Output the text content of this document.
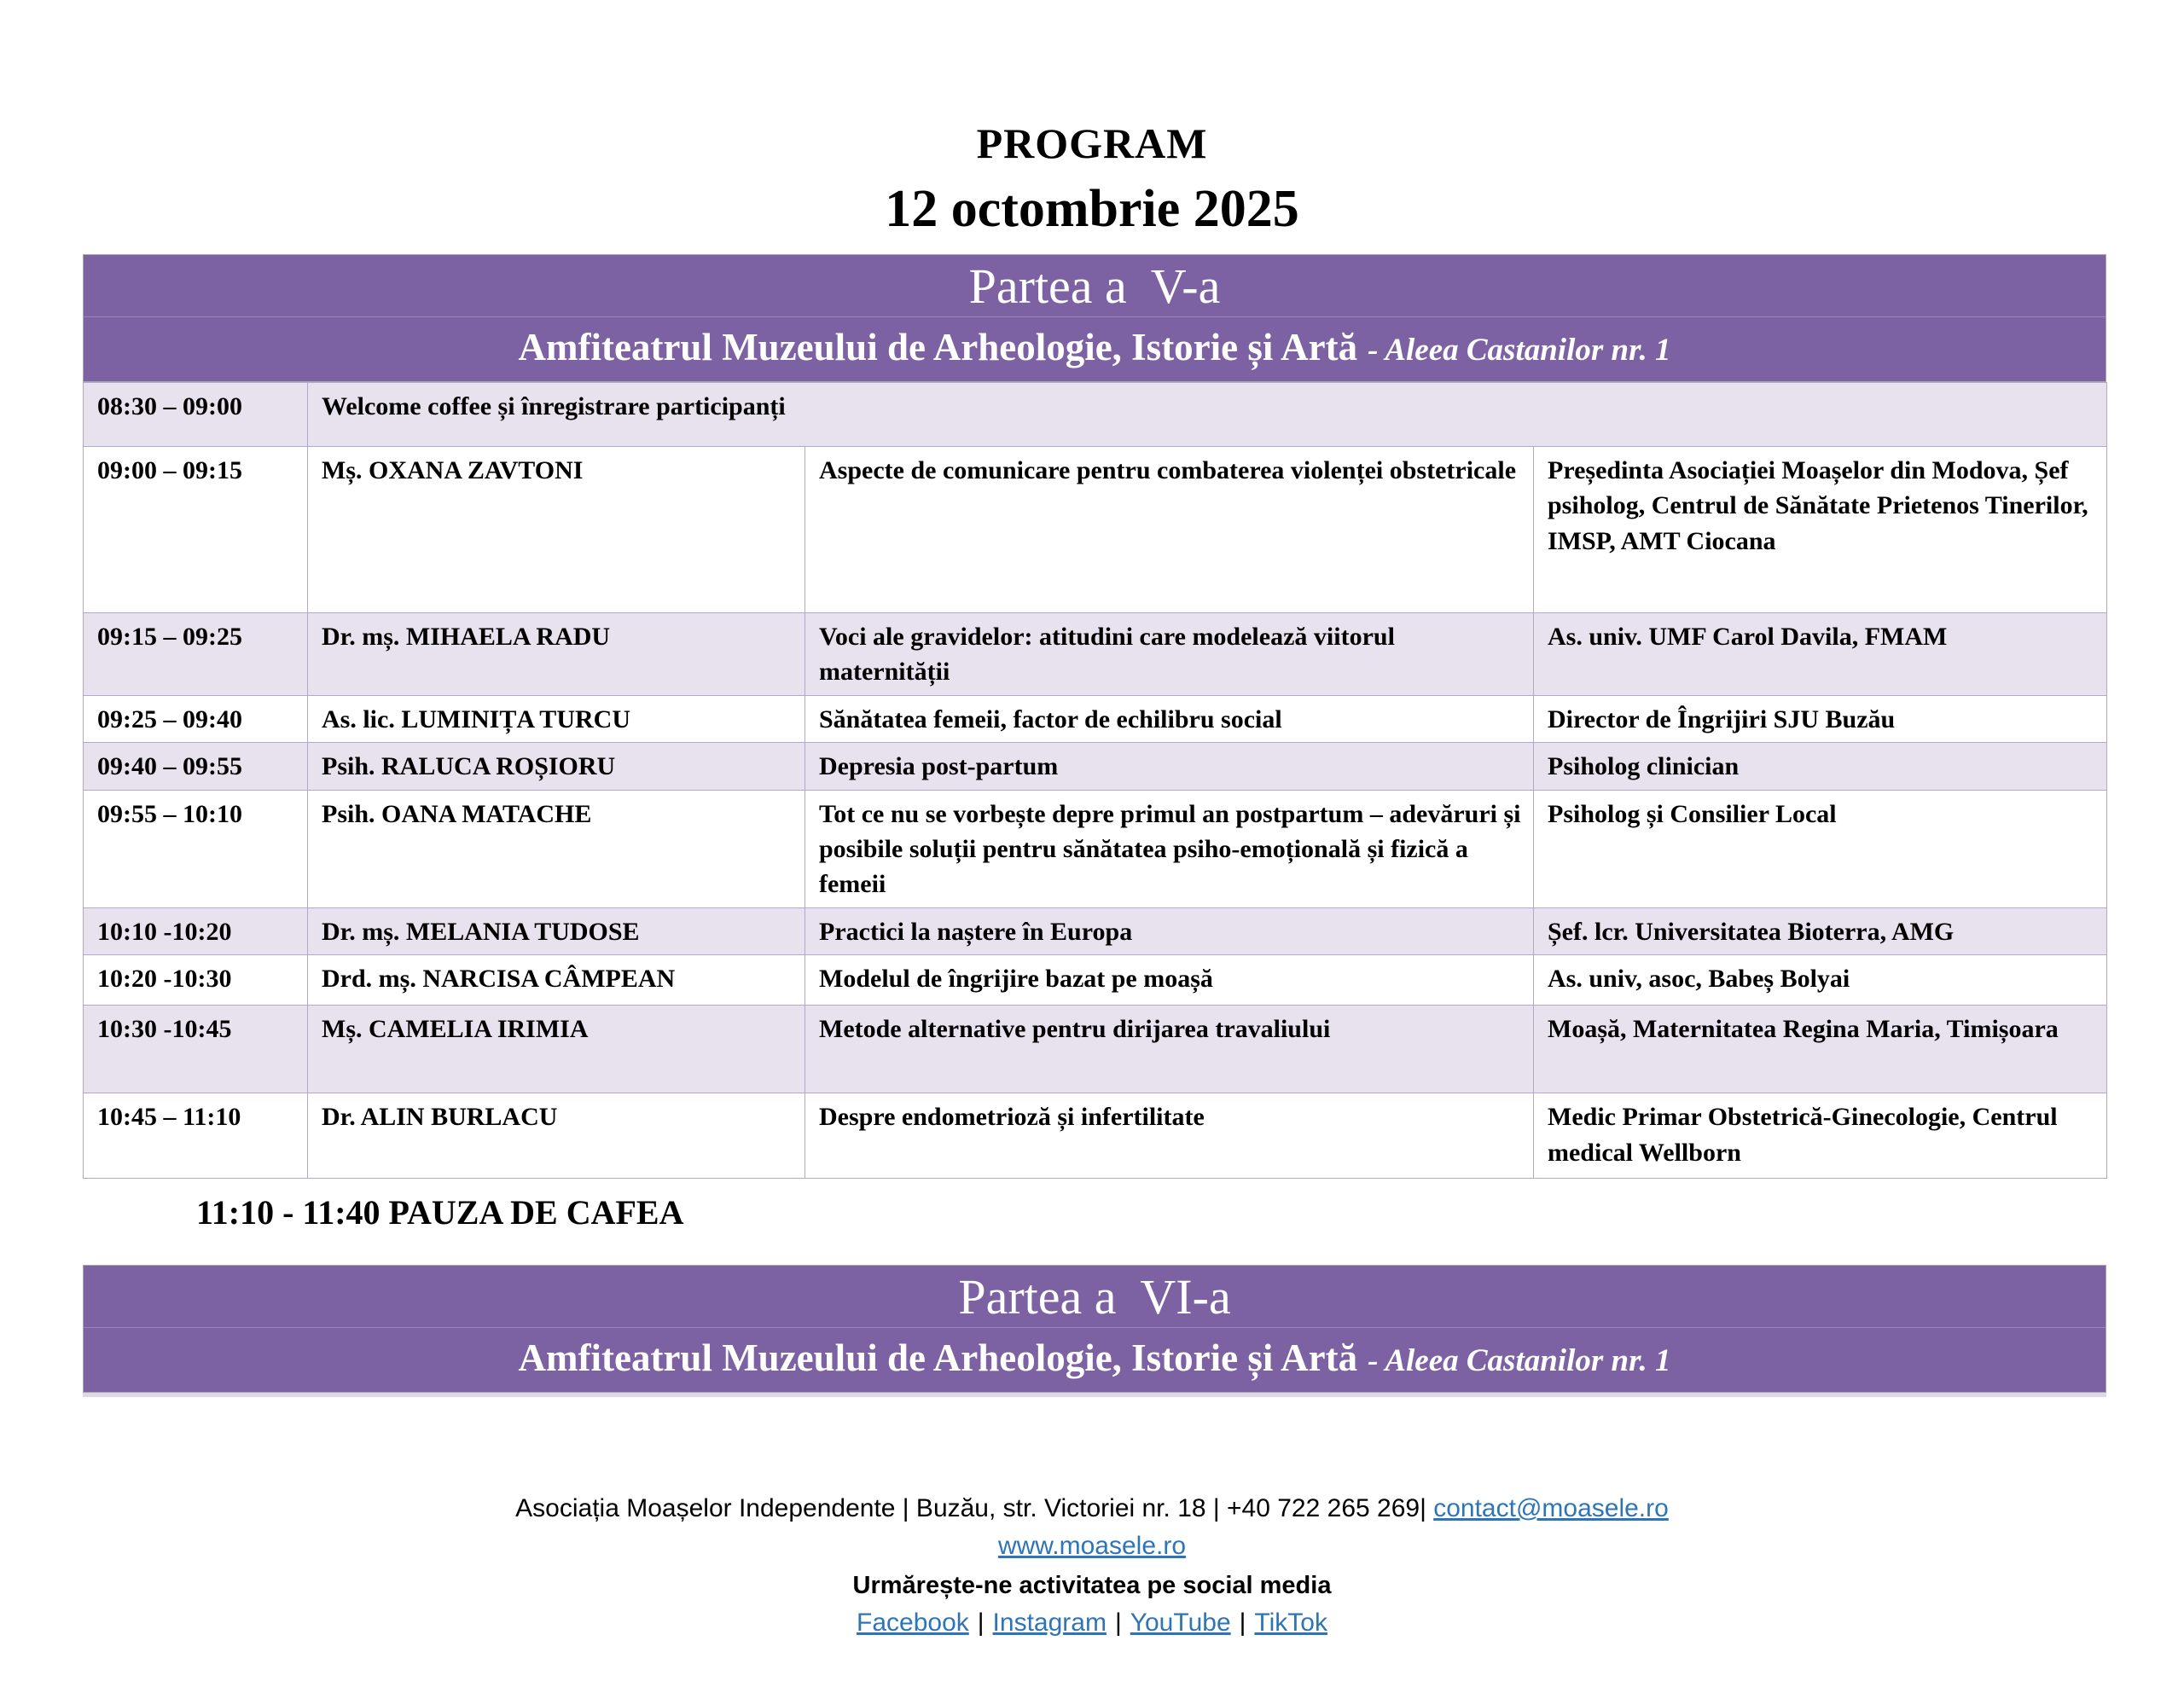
PROGRAM
12 octombrie 2025
Partea a  V-a
Amfiteatrul Muzeului de Arheologie, Istorie și Artă - Aleea Castanilor nr. 1
08:30 – 09:00	Welcome coffee și înregistrare participanți		
09:00 – 09:15	Mș. OXANA ZAVTONI	Aspecte de comunicare pentru combaterea violenței obstetricale	Președinta Asociației Moașelor din Modova, Șef psiholog, Centrul de Sănătate Prietenos Tinerilor, IMSP, AMT Ciocana
09:15 – 09:25	Dr. mș. MIHAELA RADU	Voci ale gravidelor: atitudini care modelează viitorul maternității	As. univ. UMF Carol Davila, FMAM
09:25 – 09:40	As. lic. LUMINIȚA TURCU	Sănătatea femeii, factor de echilibru social	Director de Îngrijiri SJU Buzău
09:40 – 09:55	Psih. RALUCA ROȘIORU	Depresia post-partum	Psiholog clinician
09:55 – 10:10	Psih. OANA MATACHE	Tot ce nu se vorbește depre primul an postpartum – adevăruri și posibile soluții pentru sănătatea psiho-emoțională și fizică a femeii	Psiholog și Consilier Local
10:10 -10:20	Dr. mș. MELANIA TUDOSE	Practici la naștere în Europa	Șef. lcr. Universitatea Bioterra, AMG
10:20 -10:30	Drd. mș. NARCISA CÂMPEAN	Modelul de îngrijire bazat pe moașă	As. univ, asoc, Babeș Bolyai
10:30 -10:45	Mș. CAMELIA IRIMIA	Metode alternative pentru dirijarea travaliului	Moașă, Maternitatea Regina Maria, Timișoara
10:45 – 11:10	Dr. ALIN BURLACU	Despre endometrioză și infertilitate	Medic Primar Obstetrică-Ginecologie, Centrul medical Wellborn
11:10 - 11:40 PAUZA DE CAFEA
Partea a  VI-a
Amfiteatrul Muzeului de Arheologie, Istorie și Artă - Aleea Castanilor nr. 1
Asociația Moașelor Independente | Buzău, str. Victoriei nr. 18 | +40 722 265 269| contact@moasele.ro
www.moasele.ro
Urmărește-ne activitatea pe social media
Facebook | Instagram | YouTube | TikTok
